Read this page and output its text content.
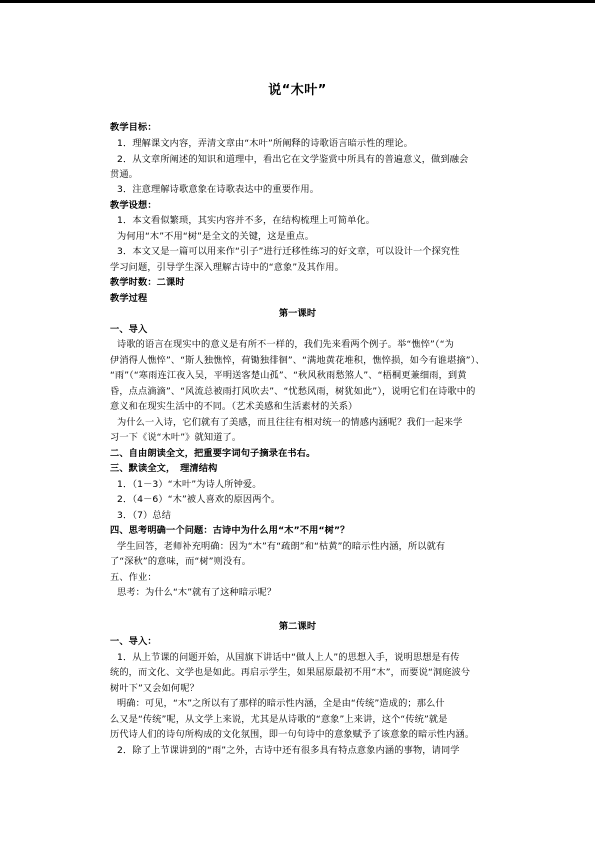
说“木叶”
教学目标：
1．理解课文内容，弄清文章由“木叶”所阐释的诗歌语言暗示性的理论。
2．从文章所阐述的知识和道理中，看出它在文学鉴赏中所具有的普遍意义，做到融会
贯通。
3．注意理解诗歌意象在诗歌表达中的重要作用。
教学设想：
1．本文看似繁琐，其实内容并不多，在结构梳理上可简单化。
为何用“木”不用“树”是全文的关键，这是重点。
3．本文又是一篇可以用来作“引子”进行迁移性练习的好文章，可以设计一个探究性
学习问题，引导学生深入理解古诗中的“意象”及其作用。
教学时数：二课时
教学过程
第一课时
一、导入
诗歌的语言在现实中的意义是有所不一样的，我们先来看两个例子。举“憔悴”（“为
伊消得人憔悴”、“斯人独憔悴，荷锄独徘徊”、“满地黄花堆积，憔悴损，如今有谁堪摘”）、
“雨”（“寒雨连江夜入吴，平明送客楚山孤”、“秋风秋雨愁煞人”、“梧桐更兼细雨，到黄
昏，点点滴滴”、“风流总被雨打风吹去”、“忧愁风雨，树犹如此”），说明它们在诗歌中的
意义和在现实生活中的不同。（艺术美感和生活素材的关系）
为什么一入诗，它们就有了美感，而且往往有相对统一的情感内涵呢？我们一起来学
习一下《说“木叶”》就知道了。
二、自由朗读全文，把重要字词句子摘录在书右。
三、默读全文，　理清结构
1．（1－3）“木叶”为诗人所钟爱。
2．（4－6）“木”被人喜欢的原因两个。
3．（7）总结
四、思考明确一个问题：古诗中为什么用“木”不用“树”？
学生回答，老师补充明确：因为“木”有“疏朗”和“枯黄”的暗示性内涵，所以就有
了“深秋”的意味，而“树”则没有。
五、作业：
思考：为什么“木”就有了这种暗示呢？
第二课时
一、导入：
1．从上节课的问题开始，从国旗下讲话中“做人上人”的思想入手，说明思想是有传
统的，而文化、文学也是如此。再启示学生，如果屈原最初不用“木”，而要说“洞庭波兮
树叶下”又会如何呢？
明确：可见，“木”之所以有了那样的暗示性内涵，全是由“传统”造成的；那么什
么又是“传统”呢，从文学上来说，尤其是从诗歌的“意象”上来讲，这个“传统”就是
历代诗人们的诗句所构成的文化氛围，即一句句诗中的意象赋予了该意象的暗示性内涵。
2．除了上节课讲到的“雨”之外，古诗中还有很多具有特点意象内涵的事物，请同学
